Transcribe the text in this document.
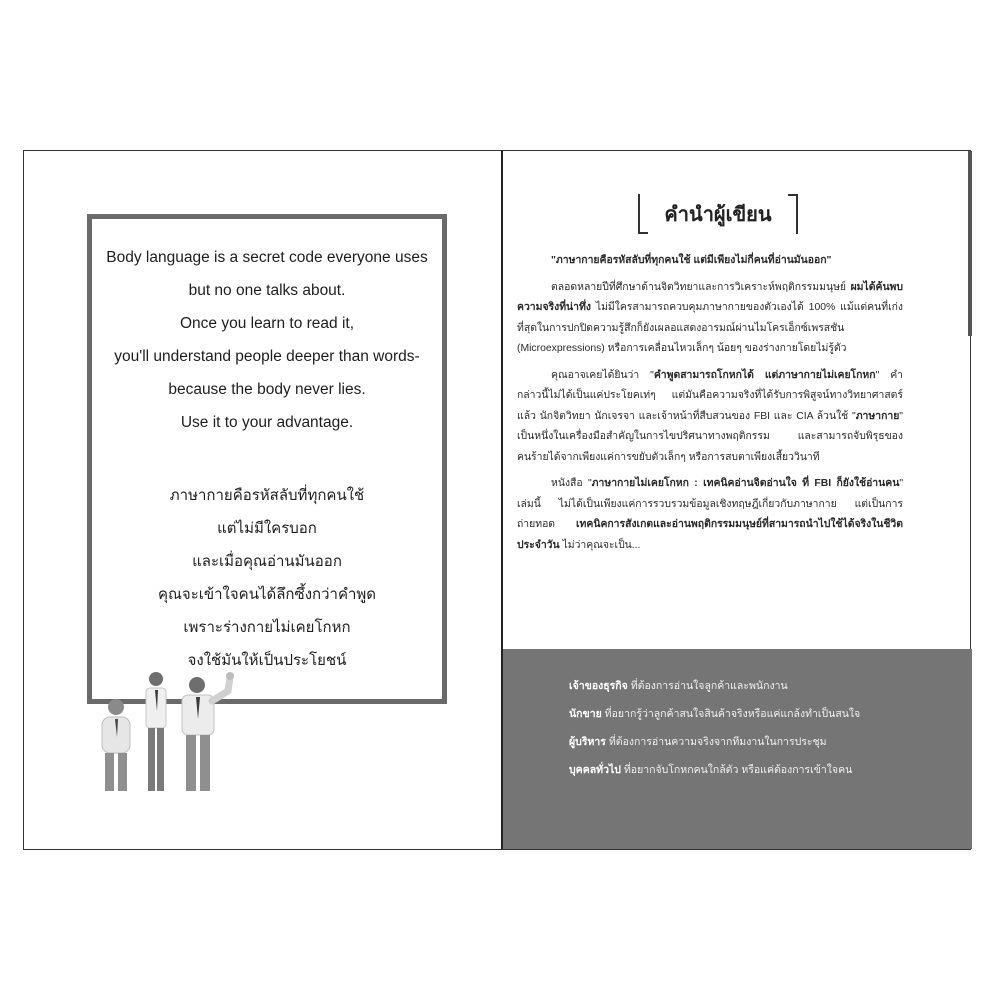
Body language is a secret code everyone uses
but no one talks about.
Once you learn to read it,
you'll understand people deeper than words-
because the body never lies.
Use it to your advantage.
ภาษากายคือรหัสลับที่ทุกคนใช้
แต่ไม่มีใครบอก
และเมื่อคุณอ่านมันออก
คุณจะเข้าใจคนได้ลึกซึ้งกว่าคำพูด
เพราะร่างกายไม่เคยโกหก
จงใช้มันให้เป็นประโยชน์
คำนำผู้เขียน

"ภาษากายคือรหัสลับที่ทุกคนใช้ แต่มีเพียงไม่กี่คนที่อ่านมันออก"

ตลอดหลายปีที่ศึกษาด้านจิตวิทยาและการวิเคราะห์พฤติกรรมมนุษย์ ผมได้ค้นพบความจริงที่น่าทึ่ง ไม่มีใครสามารถควบคุมภาษากายของตัวเองได้ 100% แม้แต่คนที่เก่งที่สุดในการปกปิดความรู้สึกก็ยังเผลอแสดงอารมณ์ผ่านไมโครเอ็กซ์เพรสชัน (Microexpressions) หรือการเคลื่อนไหวเล็กๆ น้อยๆ ของร่างกายโดยไม่รู้ตัว

คุณอาจเคยได้ยินว่า "คำพูดสามารถโกหกได้ แต่ภาษากายไม่เคยโกหก" คำกล่าวนี้ไม่ได้เป็นแค่ประโยคเท่ๆ แต่มันคือความจริงที่ได้รับการพิสูจน์ทางวิทยาศาสตร์แล้ว นักจิตวิทยา นักเจรจา และเจ้าหน้าที่สืบสวนของ FBI และ CIA ล้วนใช้ "ภาษากาย" เป็นหนึ่งในเครื่องมือสำคัญในการไขปริศนาทางพฤติกรรม และสามารถจับพิรุธของคนร้ายได้จากเพียงแค่การขยับตัวเล็กๆ หรือการสบตาเพียงเสี้ยววินาที

หนังสือ "ภาษากายไม่เคยโกหก : เทคนิคอ่านจิตอ่านใจ ที่ FBI ก็ยังใช้อ่านคน" เล่มนี้ ไม่ได้เป็นเพียงแค่การรวบรวมข้อมูลเชิงทฤษฎีเกี่ยวกับภาษากาย แต่เป็นการถ่ายทอด เทคนิคการสังเกตและอ่านพฤติกรรมมนุษย์ที่สามารถนำไปใช้ได้จริงในชีวิตประจำวัน ไม่ว่าคุณจะเป็น...

เจ้าของธุรกิจ ที่ต้องการอ่านใจลูกค้าและพนักงาน
นักขาย ที่อยากรู้ว่าลูกค้าสนใจสินค้าจริงหรือแค่แกล้งทำเป็นสนใจ
ผู้บริหาร ที่ต้องการอ่านความจริงจากทีมงานในการประชุม
บุคคลทั่วไป ที่อยากจับโกหกคนใกล้ตัว หรือแค่ต้องการเข้าใจคน
